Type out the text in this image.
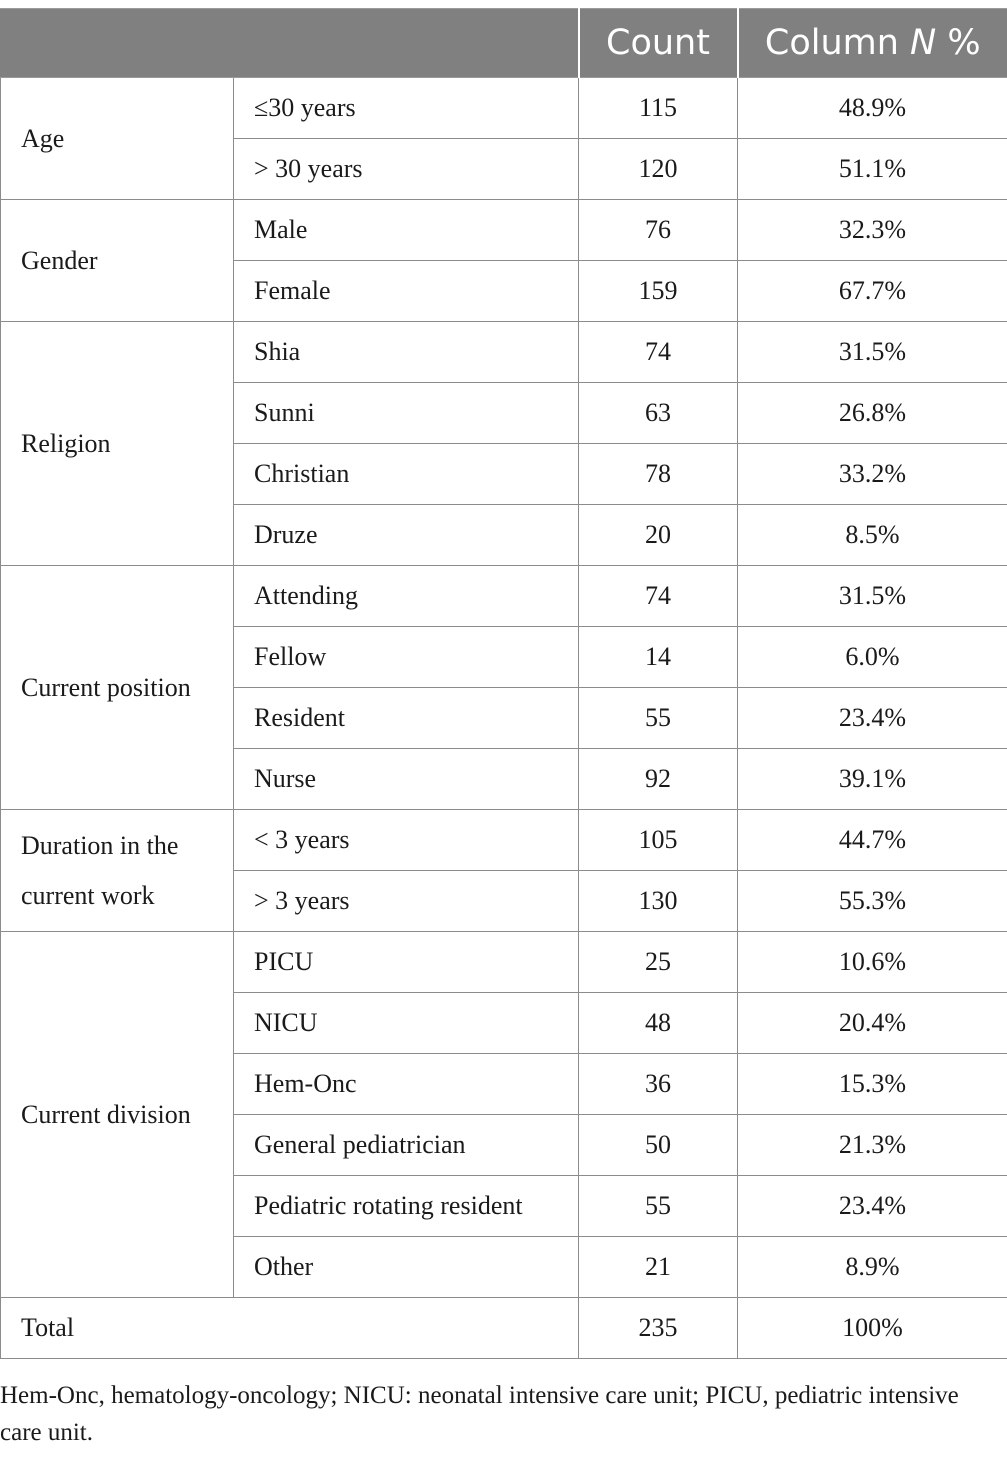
		Count	Column N %
Age	≤30 years	115	48.9%
	> 30 years	120	51.1%
Gender	Male	76	32.3%
	Female	159	67.7%
Religion	Shia	74	31.5%
	Sunni	63	26.8%
	Christian	78	33.2%
	Druze	20	8.5%
Current position	Attending	74	31.5%
	Fellow	14	6.0%
	Resident	55	23.4%
	Nurse	92	39.1%
Duration in the current work	< 3 years	105	44.7%
	> 3 years	130	55.3%
Current division	PICU	25	10.6%
	NICU	48	20.4%
	Hem-Onc	36	15.3%
	General pediatrician	50	21.3%
	Pediatric rotating resident	55	23.4%
	Other	21	8.9%
Total		235	100%
Hem-Onc, hematology-oncology; NICU: neonatal intensive care unit; PICU, pediatric intensive care unit.
